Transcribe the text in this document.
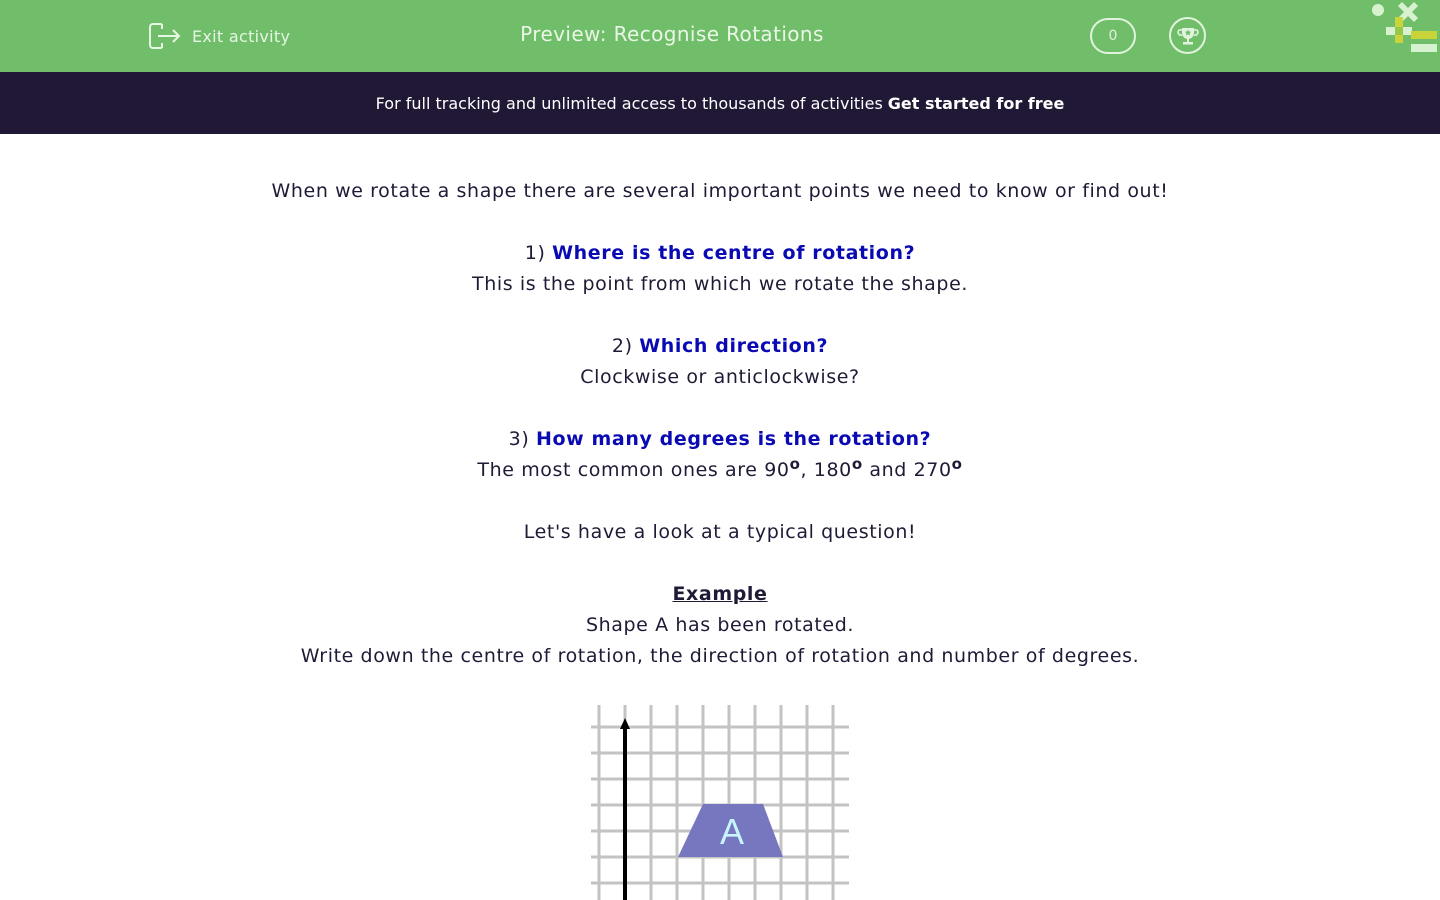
Exit activity	Preview: Recognise Rotations	0
For full tracking and unlimited access to thousands of activities Get started for free
When we rotate a shape there are several important points we need to know or find out!
1) Where is the centre of rotation?
This is the point from which we rotate the shape.
2) Which direction?
Clockwise or anticlockwise?
3) How many degrees is the rotation?
The most common ones are 90$^o$, 180$^o$ and 270$^o$
Let's have a look at a typical question!
Example
Shape A has been rotated.
Write down the centre of rotation, the direction of rotation and number of degrees.
A
